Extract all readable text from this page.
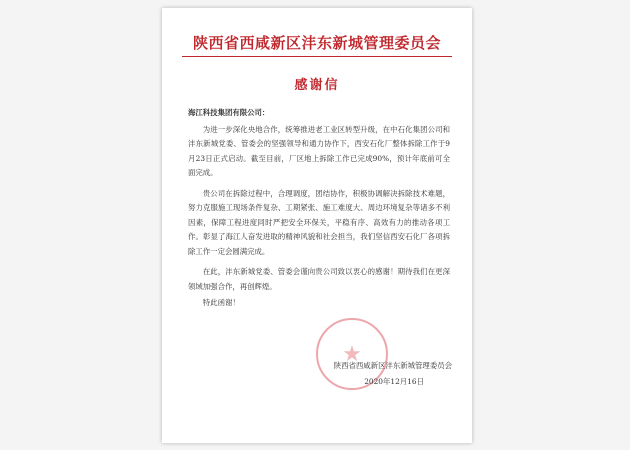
陕西省西咸新区沣东新城管理委员会
感谢信
海江科技集团有限公司：

为进一步深化央地合作，统筹推进老工业区转型升级，在中石化集团公司和沣东新城党委、管委会的坚强领导和通力协作下，西安石化厂整体拆除工作于9月23日正式启动。截至目前，厂区地上拆除工作已完成90%，预计年底前可全面完成。

贵公司在拆除过程中，合理调度，团结协作，积极协调解决拆除技术难题，努力克服施工现场条件复杂、工期紧张、施工难度大、周边环境复杂等诸多不利因素，保障工程进度同时严把安全环保关，平稳有序、高效有力的推动各项工作。彰显了海江人奋发进取的精神风貌和社会担当，我们坚信西安石化厂各项拆除工作一定会圆满完成。

在此，沣东新城党委、管委会谨向贵公司致以衷心的感谢！期待我们在更深领域加强合作，再创辉煌。

特此函谢！

★
陕西省西咸新区沣东新城管理委员会
2020年12月16日
